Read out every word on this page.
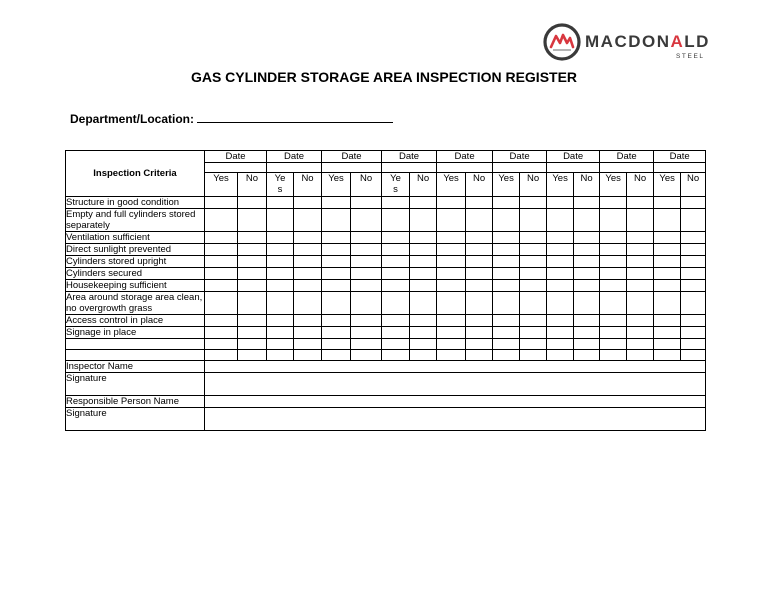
MACDONALD
STEEL
GAS CYLINDER STORAGE AREA INSPECTION REGISTER
Department/Location:
Inspection Criteria	Date		Date		Date		Date		Date		Date		Date		Date		Date	

	Yes	No	Yes	No	Yes	No	Yes	No	Yes	No	Yes	No	Yes	No	Yes	No	Yes	No
Structure in good condition																		
Empty and full cylinders stored separately																		
Ventilation sufficient																		
Direct sunlight prevented																		
Cylinders stored upright																		
Cylinders secured																		
Housekeeping sufficient																		
Area around storage area clean, no overgrowth grass																		
Access control in place																		
Signage in place																		

Inspector Name																		
Signature																		
Responsible Person Name																		
Signature																		
